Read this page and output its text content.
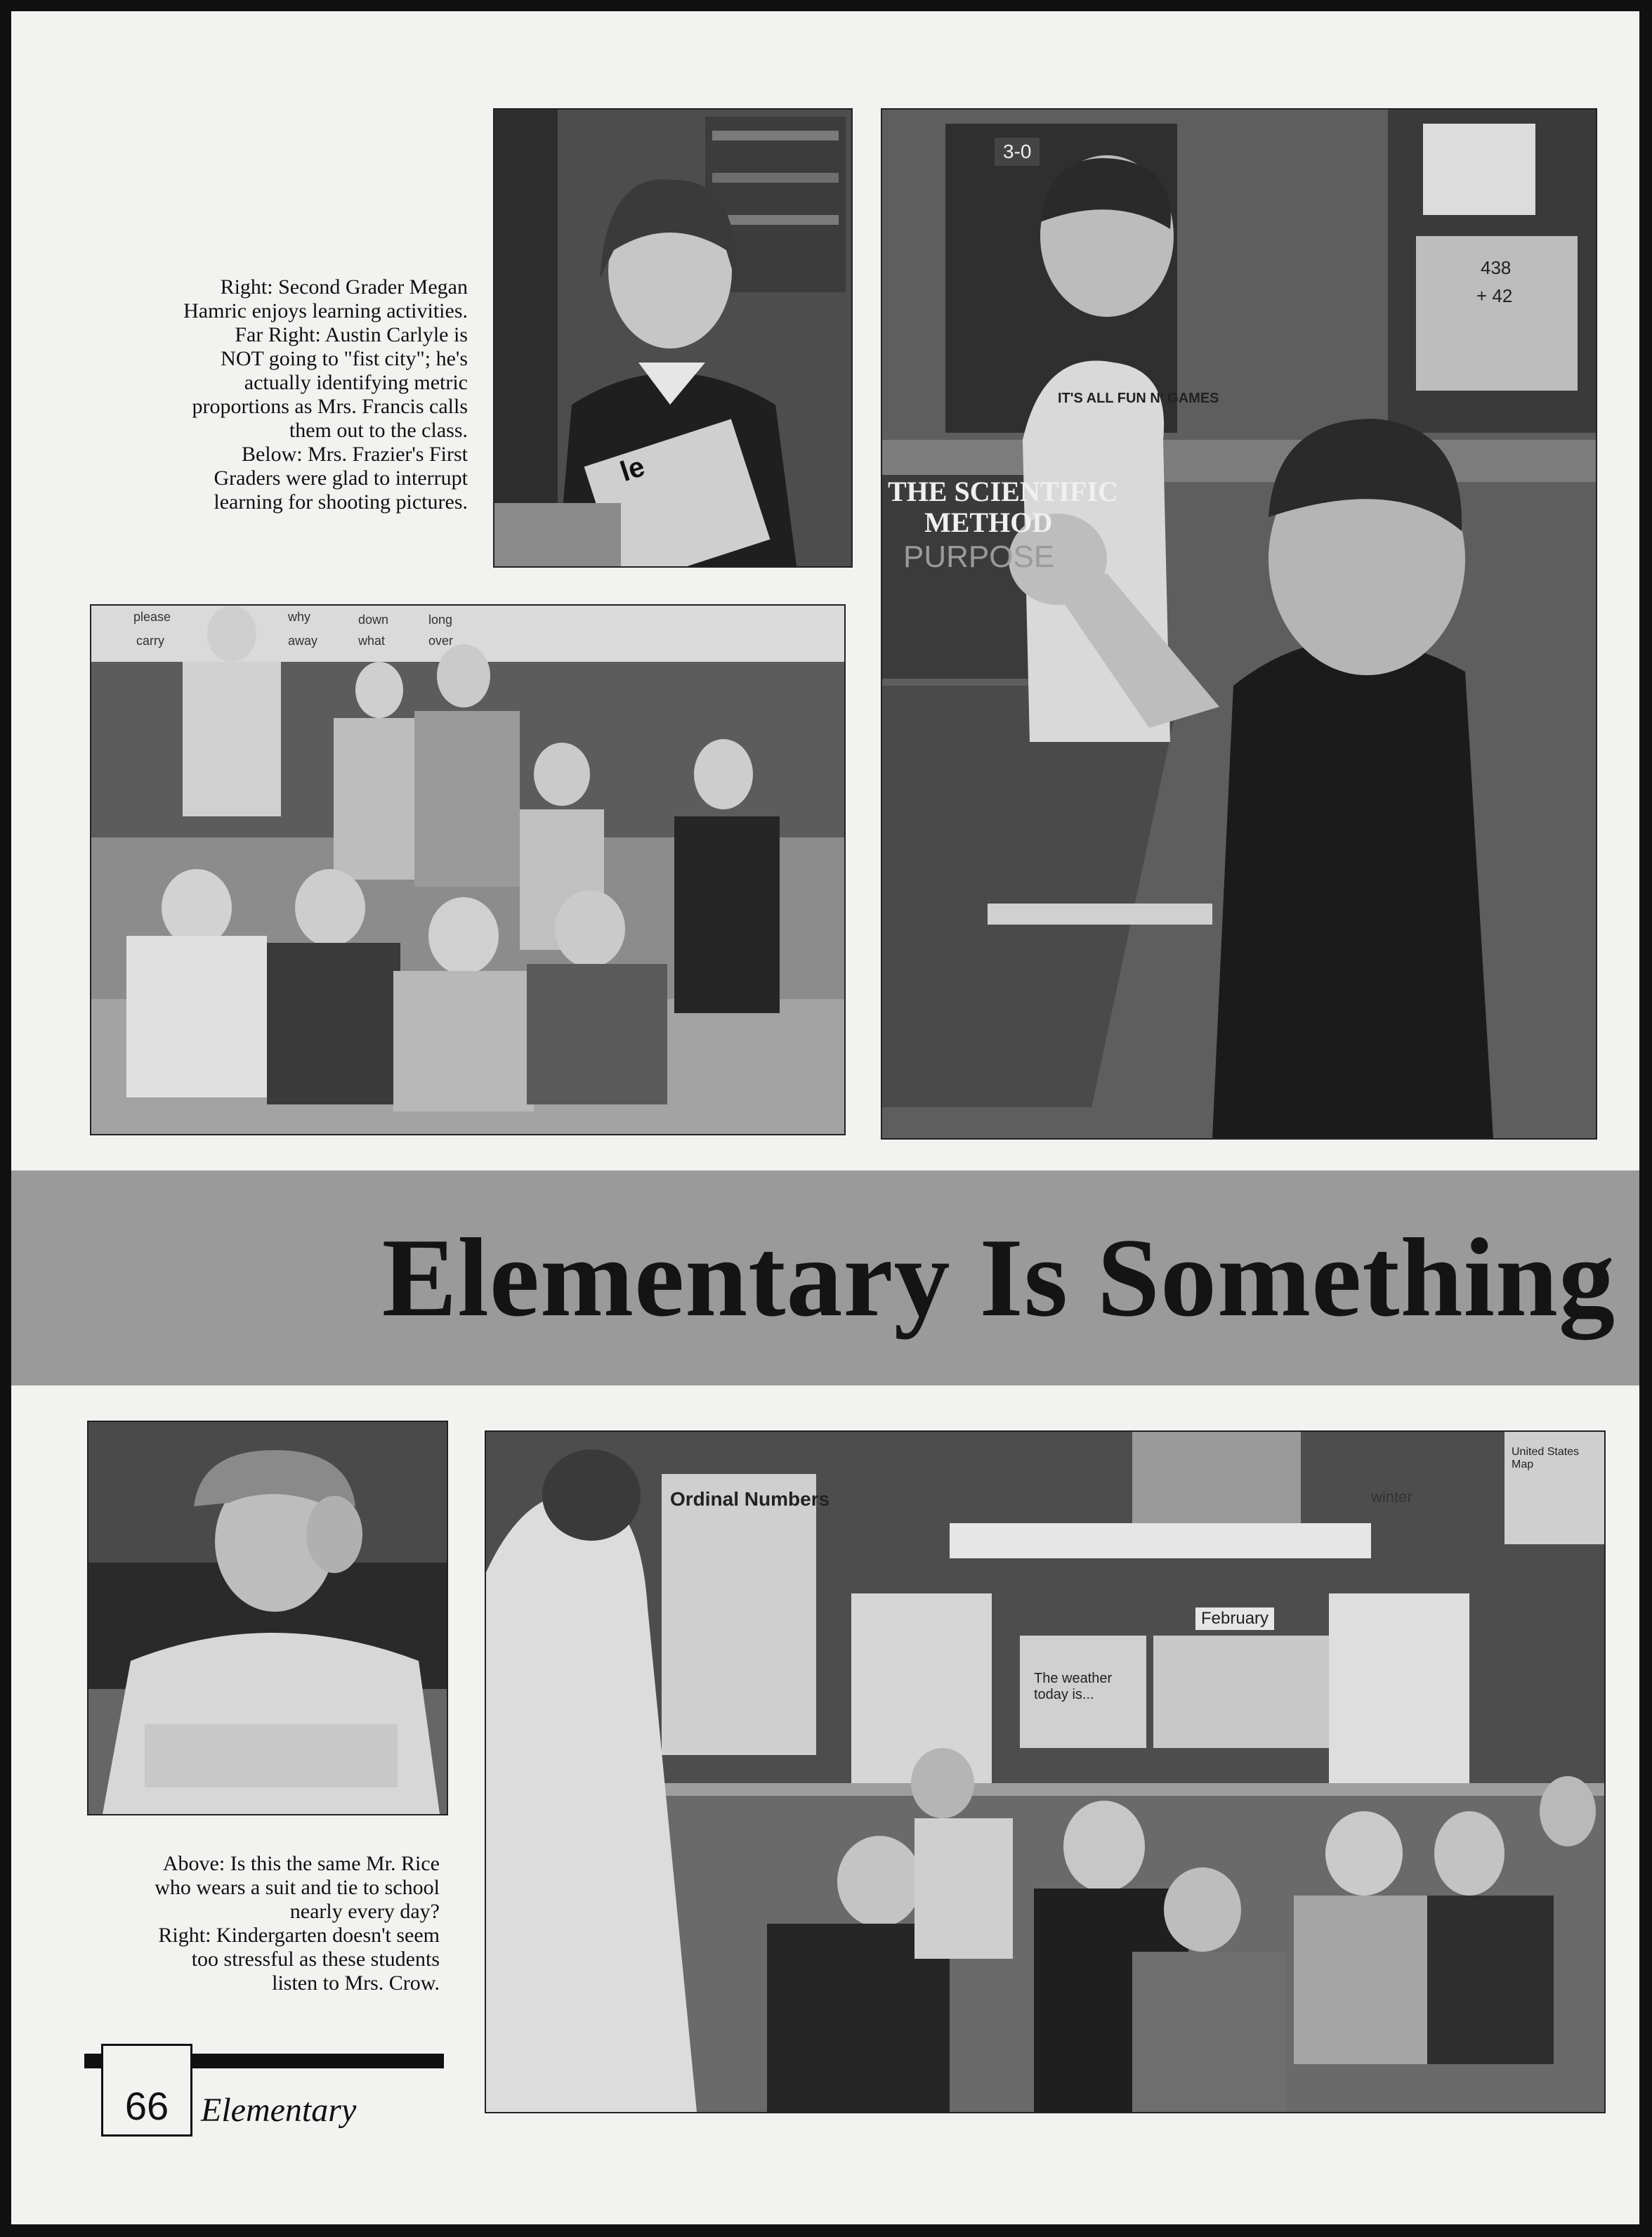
le
3-0
THE SCIENTIFIC
METHOD
PURPOSE
IT'S ALL FUN N' GAMES
438
+ 42
Right: Second Grader Megan
Hamric enjoys learning activities.
Far Right: Austin Carlyle is
NOT going to "fist city"; he's
actually identifying metric
proportions as Mrs. Francis calls
them out to the class.
Below: Mrs. Frazier's First
Graders were glad to interrupt
learning for shooting pictures.
please	why	down	long
carry	away	what	over
Elementary Is Something
Above: Is this the same Mr. Rice
who wears a suit and tie to school
nearly every day?
Right: Kindergarten doesn't seem
too stressful as these students
listen to Mrs. Crow.
Ordinal Numbers
February
The weather today is...
winter
United States Map
66 Elementary
